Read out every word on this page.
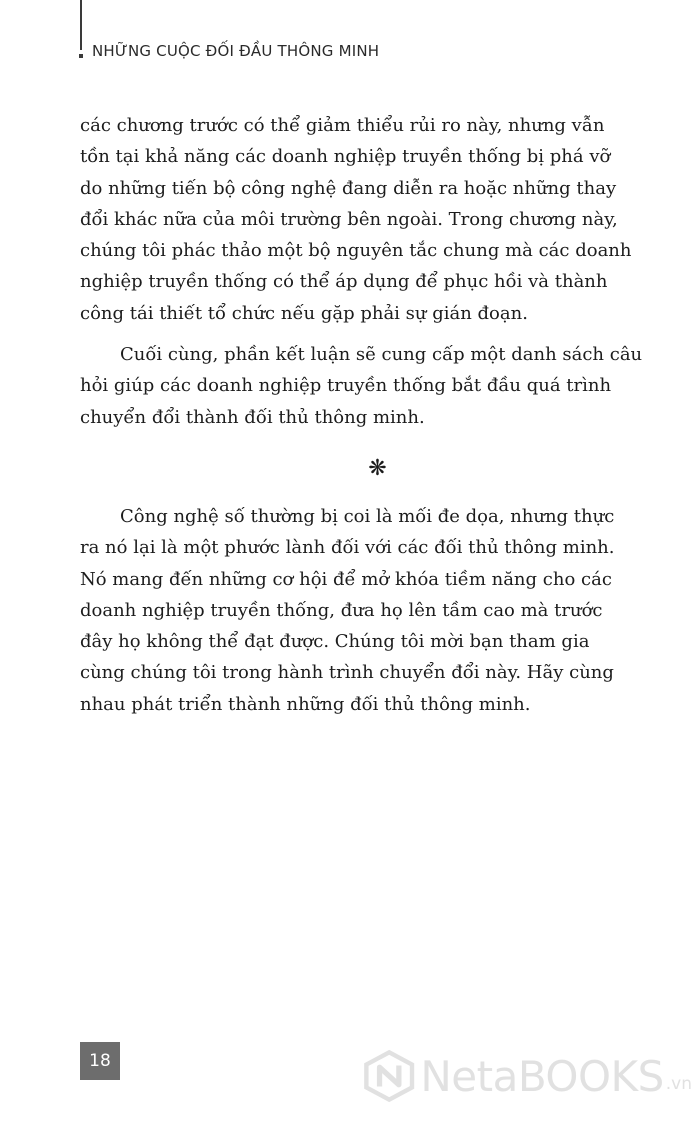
NHỮNG CUỘC ĐỐI ĐẦU THÔNG MINH
các chương trước có thể giảm thiểu rủi ro này, nhưng vẫn
tồn tại khả năng các doanh nghiệp truyền thống bị phá vỡ
do những tiến bộ công nghệ đang diễn ra hoặc những thay
đổi khác nữa của môi trường bên ngoài. Trong chương này,
chúng tôi phác thảo một bộ nguyên tắc chung mà các doanh
nghiệp truyền thống có thể áp dụng để phục hồi và thành
công tái thiết tổ chức nếu gặp phải sự gián đoạn.
Cuối cùng, phần kết luận sẽ cung cấp một danh sách câu
hỏi giúp các doanh nghiệp truyền thống bắt đầu quá trình
chuyển đổi thành đối thủ thông minh.
❋
Công nghệ số thường bị coi là mối đe dọa, nhưng thực
ra nó lại là một phước lành đối với các đối thủ thông minh.
Nó mang đến những cơ hội để mở khóa tiềm năng cho các
doanh nghiệp truyền thống, đưa họ lên tầm cao mà trước
đây họ không thể đạt được. Chúng tôi mời bạn tham gia
cùng chúng tôi trong hành trình chuyển đổi này. Hãy cùng
nhau phát triển thành những đối thủ thông minh.
18	NetaBOOKS .vn
